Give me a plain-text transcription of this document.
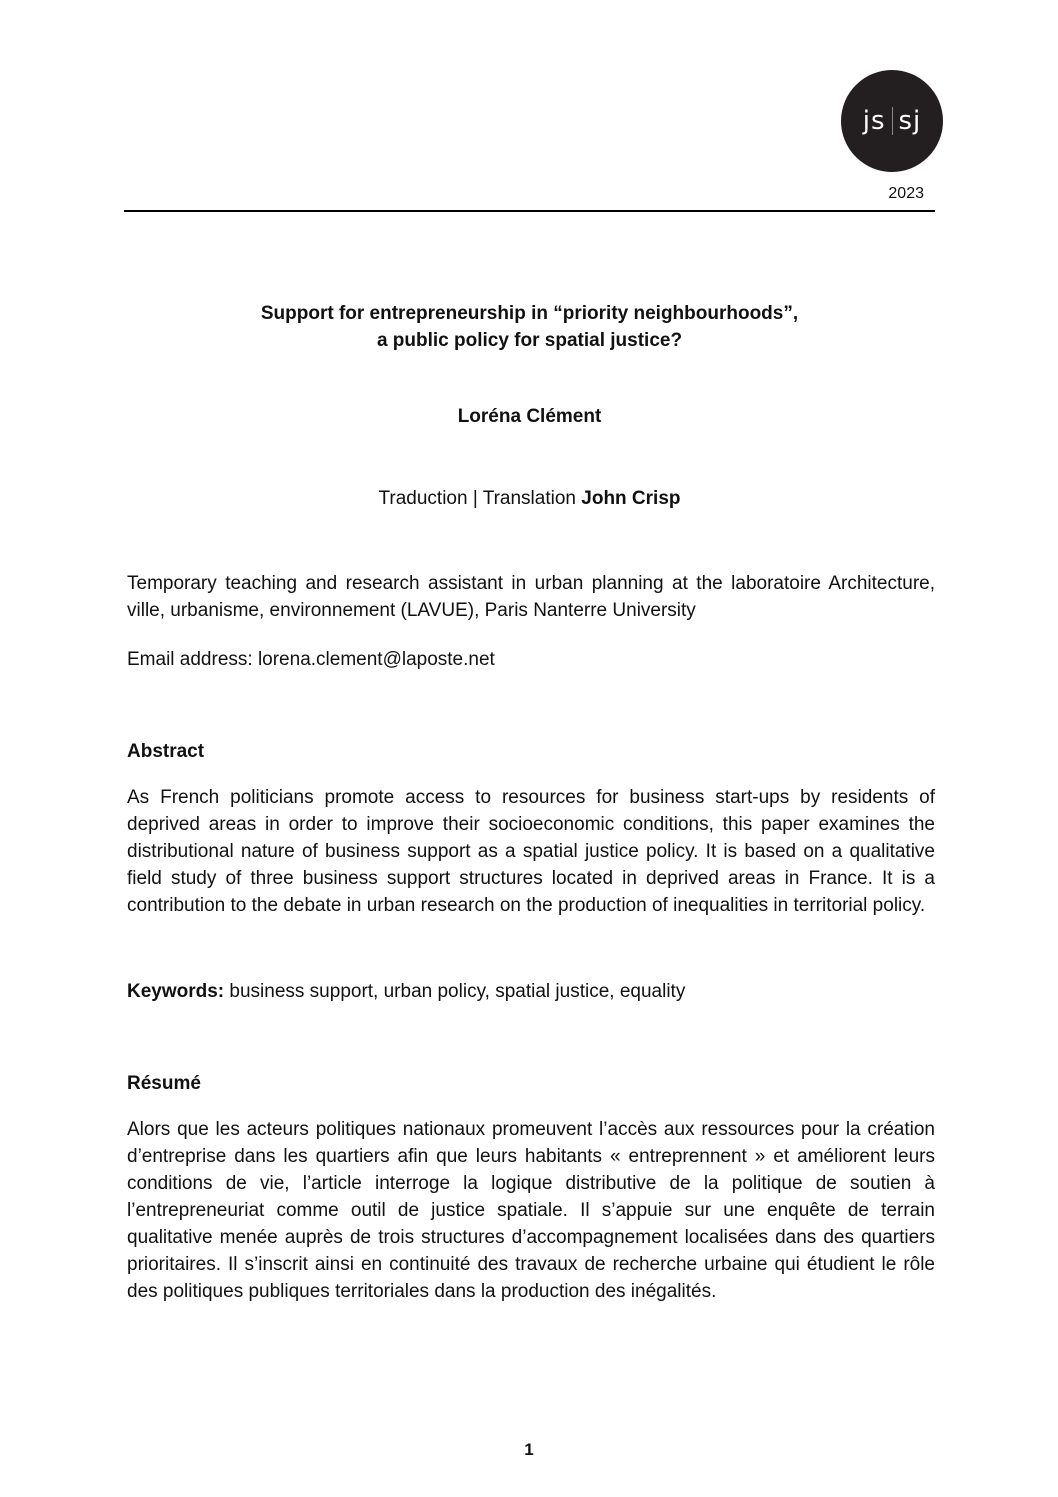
js sj
2023
Support for entrepreneurship in “priority neighbourhoods”,
a public policy for spatial justice?
Loréna Clément
Traduction | Translation John Crisp
Temporary teaching and research assistant in urban planning at the laboratoire Architecture, ville, urbanisme, environnement (LAVUE), Paris Nanterre University
Email address: lorena.clement@laposte.net
Abstract
As French politicians promote access to resources for business start-ups by residents of deprived areas in order to improve their socioeconomic conditions, this paper examines the distributional nature of business support as a spatial justice policy. It is based on a qualitative field study of three business support structures located in deprived areas in France. It is a contribution to the debate in urban research on the production of inequalities in territorial policy.
Keywords: business support, urban policy, spatial justice, equality
Résumé
Alors que les acteurs politiques nationaux promeuvent l’accès aux ressources pour la création d’entreprise dans les quartiers afin que leurs habitants « entreprennent » et améliorent leurs conditions de vie, l’article interroge la logique distributive de la politique de soutien à l’entrepreneuriat comme outil de justice spatiale. Il s’appuie sur une enquête de terrain qualitative menée auprès de trois structures d’accompagnement localisées dans des quartiers prioritaires. Il s’inscrit ainsi en continuité des travaux de recherche urbaine qui étudient le rôle des politiques publiques territoriales dans la production des inégalités.
1
